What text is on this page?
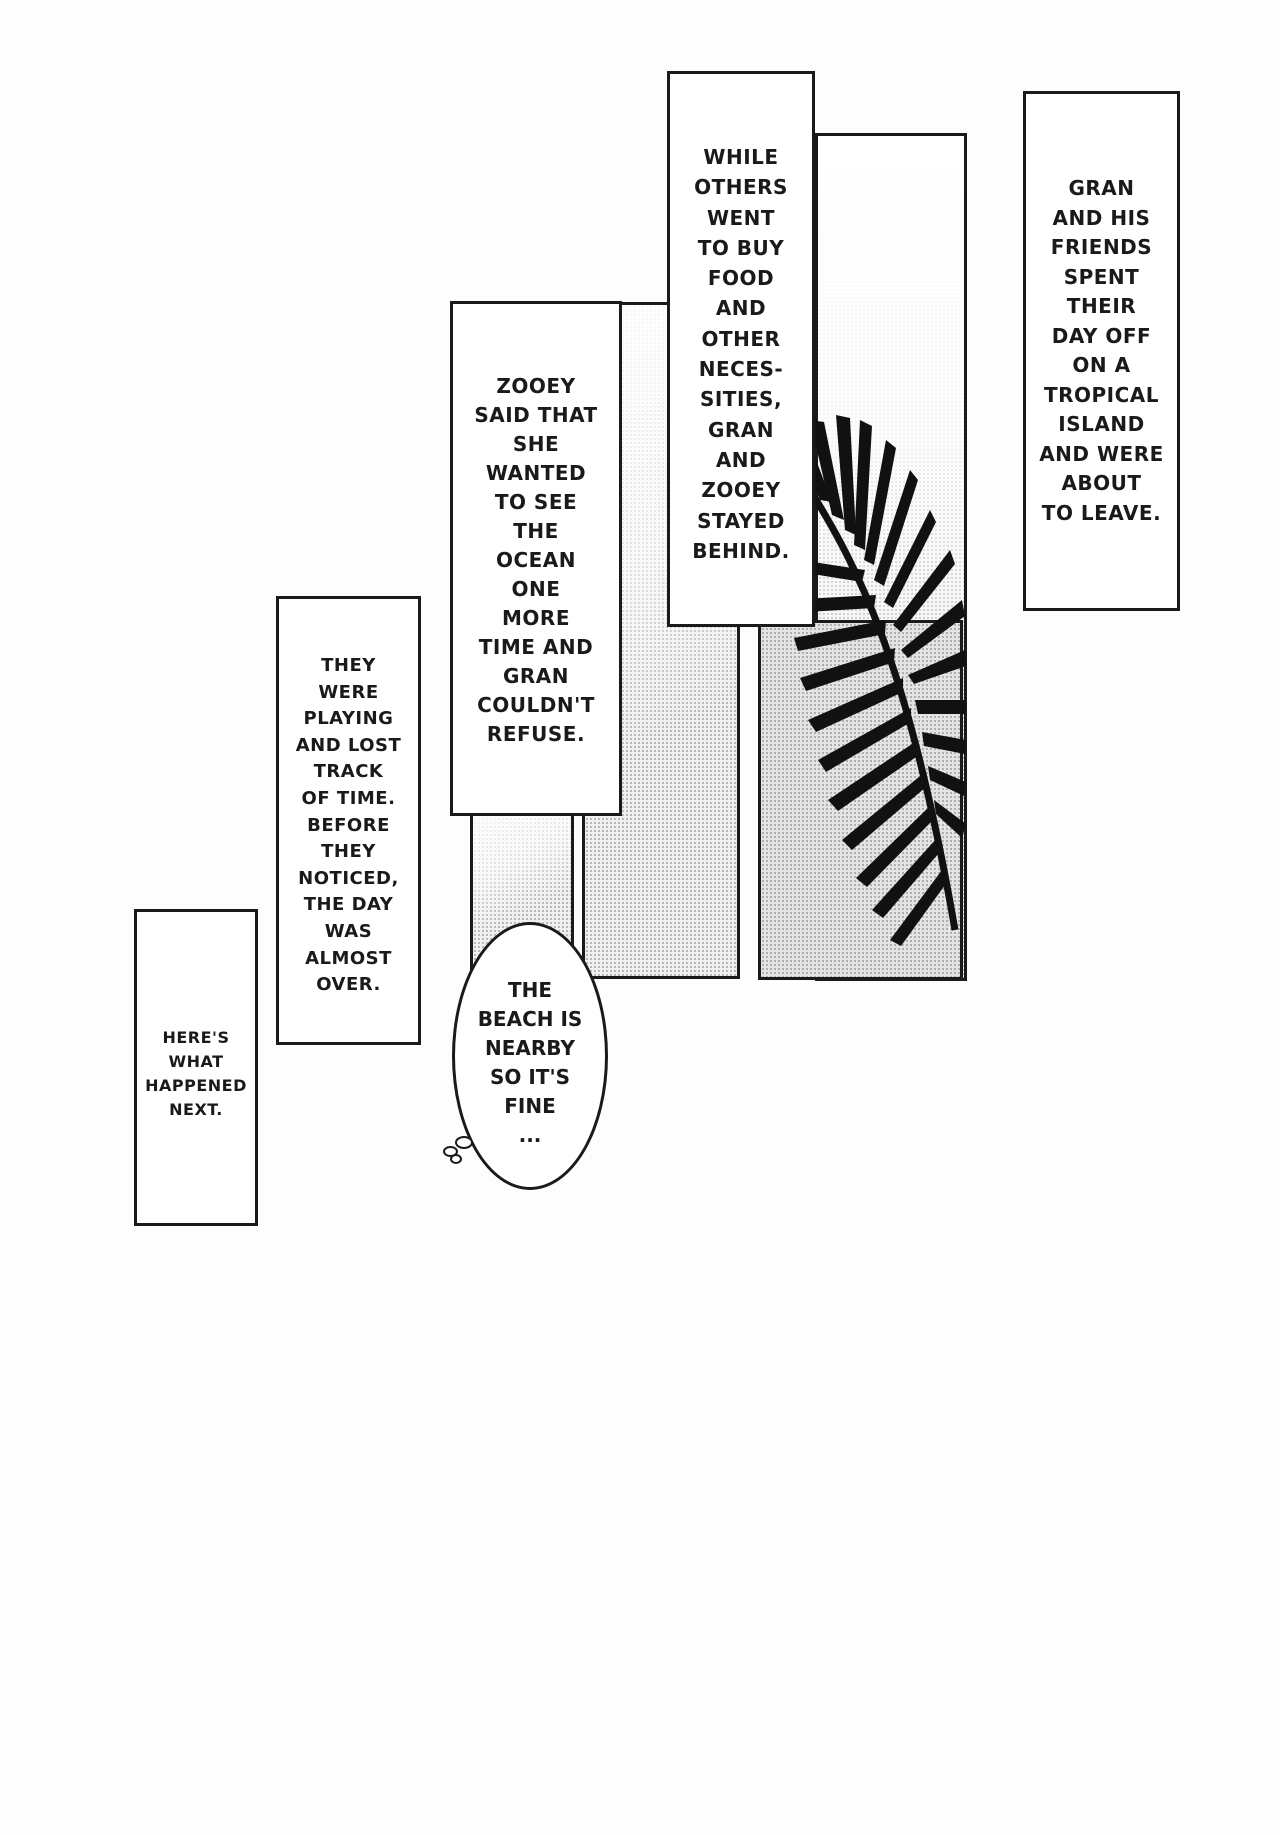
GRAN
AND HIS
FRIENDS
SPENT
THEIR
DAY OFF
ON A
TROPICAL
ISLAND
AND WERE
ABOUT
TO LEAVE.
WHILE
OTHERS
WENT
TO BUY
FOOD
AND
OTHER
NECES-
SITIES,
GRAN
AND
ZOOEY
STAYED
BEHIND.
ZOOEY
SAID THAT
SHE
WANTED
TO SEE
THE
OCEAN
ONE
MORE
TIME AND
GRAN
COULDN'T
REFUSE.
THEY
WERE
PLAYING
AND LOST
TRACK
OF TIME.
BEFORE
THEY
NOTICED,
THE DAY
WAS
ALMOST
OVER.
HERE'S
WHAT
HAPPENED
NEXT.
THE
BEACH IS
NEARBY
SO IT'S
FINE
...
